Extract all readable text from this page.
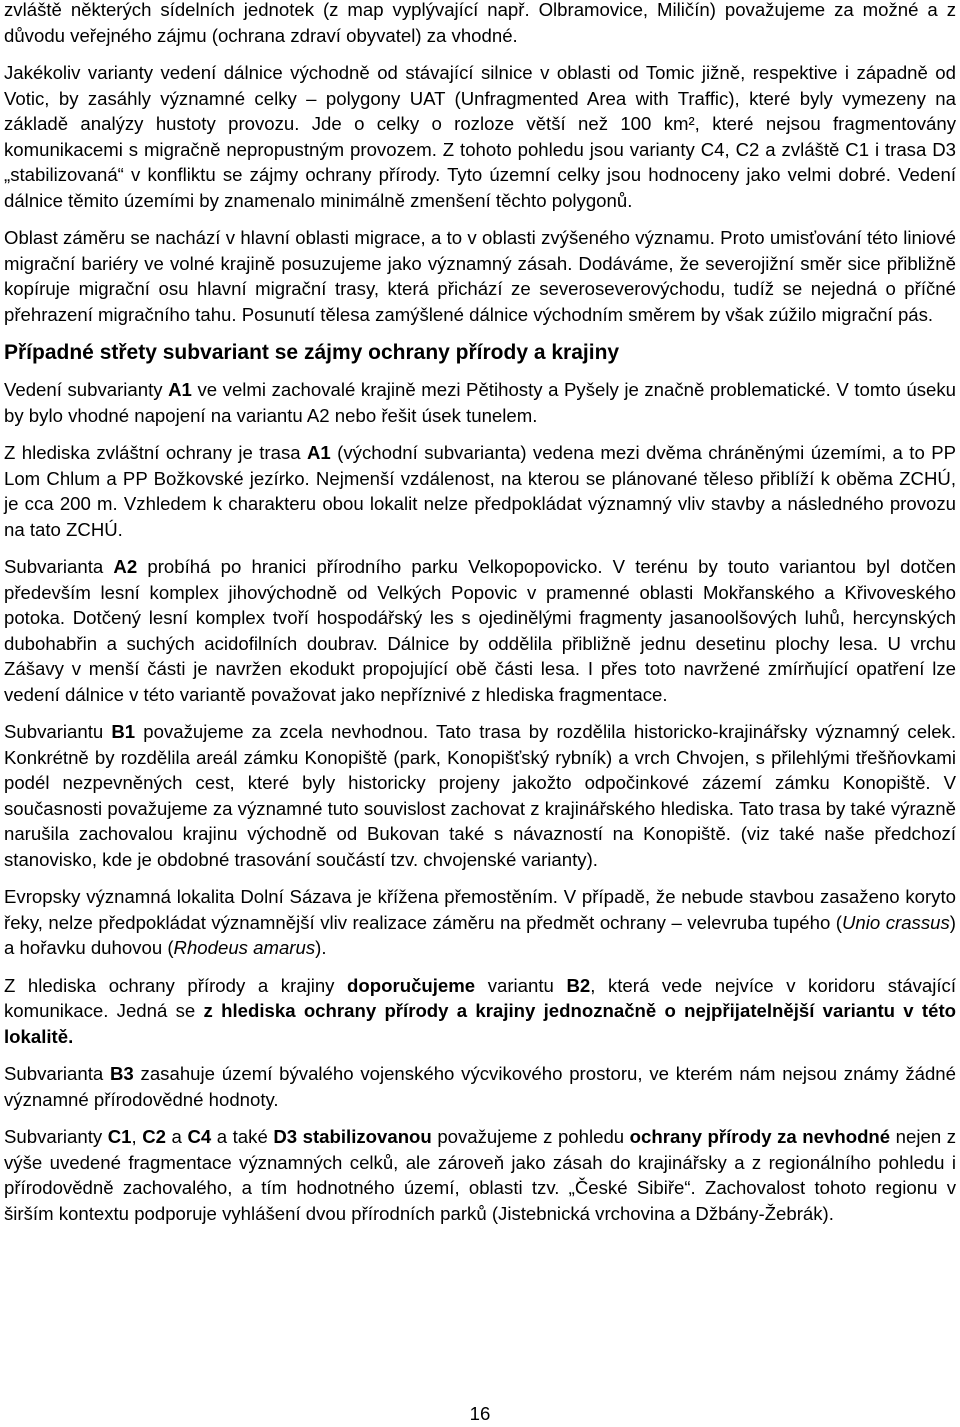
zvláště některých sídelních jednotek (z map vyplývající např. Olbramovice, Miličín) považujeme za možné a z důvodu veřejného zájmu (ochrana zdraví obyvatel) za vhodné.

Jakékoliv varianty vedení dálnice východně od stávající silnice v oblasti od Tomic jižně, respektive i západně od Votic, by zasáhly významné celky – polygony UAT (Unfragmented Area with Traffic), které byly vymezeny na základě analýzy hustoty provozu. Jde o celky o rozloze větší než 100 km², které nejsou fragmentovány komunikacemi s migračně nepropustným provozem. Z tohoto pohledu jsou varianty C4, C2 a zvláště C1 i trasa D3 „stabilizovaná“ v konfliktu se zájmy ochrany přírody. Tyto územní celky jsou hodnoceny jako velmi dobré. Vedení dálnice těmito územími by znamenalo minimálně zmenšení těchto polygonů.

Oblast záměru se nachází v hlavní oblasti migrace, a to v oblasti zvýšeného významu. Proto umisťování této liniové migrační bariéry ve volné krajině posuzujeme jako významný zásah. Dodáváme, že severojižní směr sice přibližně kopíruje migrační osu hlavní migrační trasy, která přichází ze severoseverovýchodu, tudíž se nejedná o příčné přehrazení migračního tahu. Posunutí tělesa zamýšlené dálnice východním směrem by však zúžilo migrační pás.

Případné střety subvariant se zájmy ochrany přírody a krajiny

Vedení subvarianty A1 ve velmi zachovalé krajině mezi Pětihosty a Pyšely je značně problematické. V tomto úseku by bylo vhodné napojení na variantu A2 nebo řešit úsek tunelem.

Z hlediska zvláštní ochrany je trasa A1 (východní subvarianta) vedena mezi dvěma chráněnými územími, a to PP Lom Chlum a PP Božkovské jezírko. Nejmenší vzdálenost, na kterou se plánované těleso přiblíží k oběma ZCHÚ, je cca 200 m. Vzhledem k charakteru obou lokalit nelze předpokládat významný vliv stavby a následného provozu na tato ZCHÚ.

Subvarianta A2 probíhá po hranici přírodního parku Velkopopovicko. V terénu by touto variantou byl dotčen především lesní komplex jihovýchodně od Velkých Popovic v pramenné oblasti Mokřanského a Křivoveského potoka. Dotčený lesní komplex tvoří hospodářský les s ojedinělými fragmenty jasanoolšových luhů, hercynských dubohabřin a suchých acidofilních doubrav. Dálnice by oddělila přibližně jednu desetinu plochy lesa. U vrchu Zášavy v menší části je navržen ekodukt propojující obě části lesa. I přes toto navržené zmírňující opatření lze vedení dálnice v této variantě považovat jako nepříznivé z hlediska fragmentace.

Subvariantu B1 považujeme za zcela nevhodnou. Tato trasa by rozdělila historicko-krajinářsky významný celek. Konkrétně by rozdělila areál zámku Konopiště (park, Konopišťský rybník) a vrch Chvojen, s přilehlými třešňovkami podél nezpevněných cest, které byly historicky projeny jakožto odpočinkové zázemí zámku Konopiště. V současnosti považujeme za významné tuto souvislost zachovat z krajinářského hlediska. Tato trasa by také výrazně narušila zachovalou krajinu východně od Bukovan také s návazností na Konopiště. (viz také naše předchozí stanovisko, kde je obdobné trasování součástí tzv. chvojenské varianty).

Evropsky významná lokalita Dolní Sázava je křížena přemostěním. V případě, že nebude stavbou zasaženo koryto řeky, nelze předpokládat významnější vliv realizace záměru na předmět ochrany – velevruba tupého (Unio crassus) a hořavku duhovou (Rhodeus amarus).

Z hlediska ochrany přírody a krajiny doporučujeme variantu B2, která vede nejvíce v koridoru stávající komunikace. Jedná se z hlediska ochrany přírody a krajiny jednoznačně o nejpřijatelnější variantu v této lokalitě.

Subvarianta B3 zasahuje území bývalého vojenského výcvikového prostoru, ve kterém nám nejsou známy žádné významné přírodovědné hodnoty.

Subvarianty C1, C2 a C4 a také D3 stabilizovanou považujeme z pohledu ochrany přírody za nevhodné nejen z výše uvedené fragmentace významných celků, ale zároveň jako zásah do krajinářsky a z regionálního pohledu i přírodovědně zachovalého, a tím hodnotného území, oblasti tzv. „České Sibiře“. Zachovalost tohoto regionu v širším kontextu podporuje vyhlášení dvou přírodních parků (Jistebnická vrchovina a Džbány-Žebrák).

16
